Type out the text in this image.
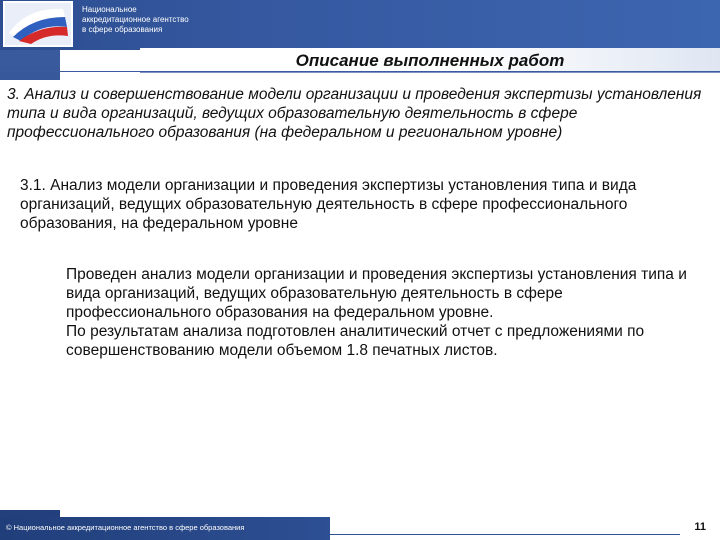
Национальное
аккредитационное агентство
в сфере образования
Описание выполненных работ

3. Анализ и совершенствование модели организации и проведения экспертизы установления типа и вида организаций, ведущих образовательную деятельность в сфере профессионального образования (на федеральном и региональном уровне)

3.1. Анализ модели организации и проведения экспертизы установления типа и вида организаций, ведущих образовательную деятельность в сфере профессионального образования, на федеральном уровне

Проведен анализ модели организации и проведения экспертизы установления типа и вида организаций, ведущих образовательную деятельность в сфере профессионального образования на федеральном уровне.

По результатам анализа подготовлен аналитический отчет с предложениями по совершенствованию модели объемом 1.8 печатных листов.

© Национальное аккредитационное агентство в сфере образования	11
